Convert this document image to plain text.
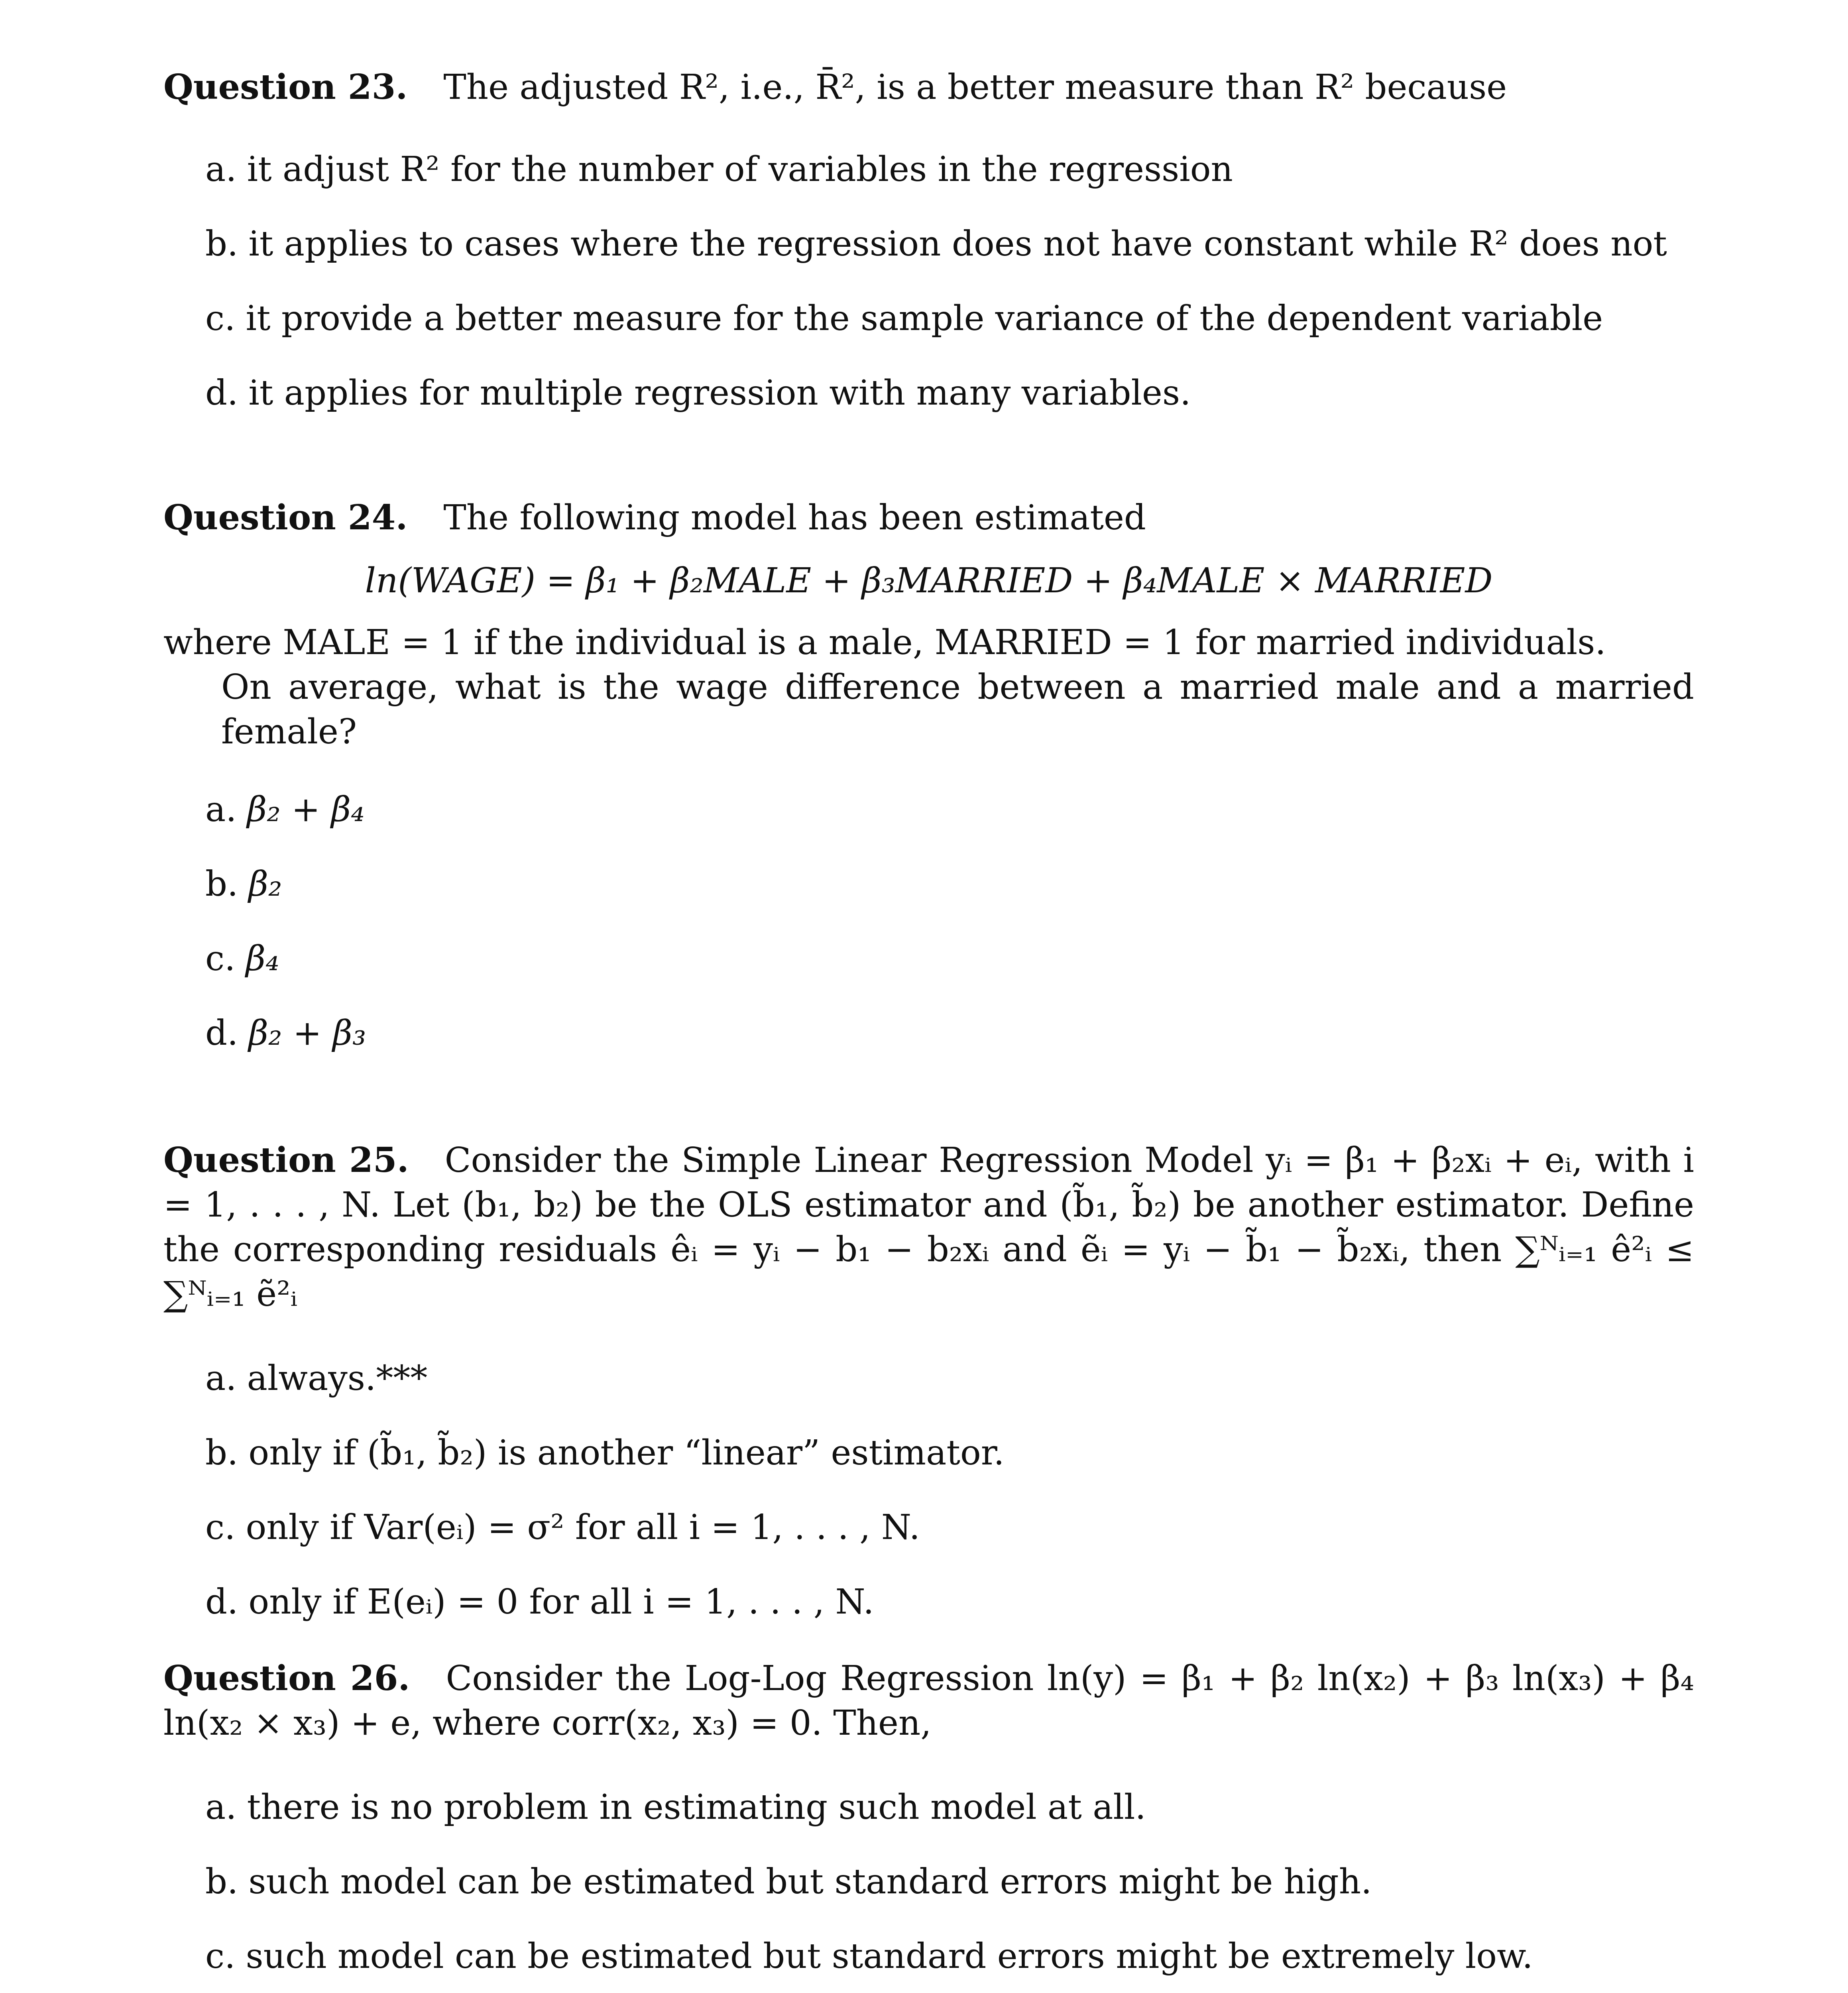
Question 23. The adjusted R², i.e., R̄², is a better measure than R² because
a. it adjust R² for the number of variables in the regression
b. it applies to cases where the regression does not have constant while R² does not
c. it provide a better measure for the sample variance of the dependent variable
d. it applies for multiple regression with many variables.
Question 24. The following model has been estimated
ln(WAGE) = β₁ + β₂MALE + β₃MARRIED + β₄MALE × MARRIED
where MALE = 1 if the individual is a male, MARRIED = 1 for married individuals.
On average, what is the wage difference between a married male and a married female?
a. β₂ + β₄
b. β₂
c. β₄
d. β₂ + β₃
Question 25. Consider the Simple Linear Regression Model yᵢ = β₁ + β₂xᵢ + eᵢ, with i = 1, . . . , N. Let (b₁, b₂) be the OLS estimator and (b̃₁, b̃₂) be another estimator. Define the corresponding residuals êᵢ = yᵢ − b₁ − b₂xᵢ and ẽᵢ = yᵢ − b̃₁ − b̃₂xᵢ, then ∑ᴺᵢ₌₁ ê²ᵢ ≤ ∑ᴺᵢ₌₁ ẽ²ᵢ
a. always.***
b. only if (b̃₁, b̃₂) is another “linear” estimator.
c. only if Var(eᵢ) = σ² for all i = 1, . . . , N.
d. only if E(eᵢ) = 0 for all i = 1, . . . , N.
Question 26. Consider the Log-Log Regression ln(y) = β₁ + β₂ ln(x₂) + β₃ ln(x₃) + β₄ ln(x₂ × x₃) + e, where corr(x₂, x₃) = 0. Then,
a. there is no problem in estimating such model at all.
b. such model can be estimated but standard errors might be high.
c. such model can be estimated but standard errors might be extremely low.
